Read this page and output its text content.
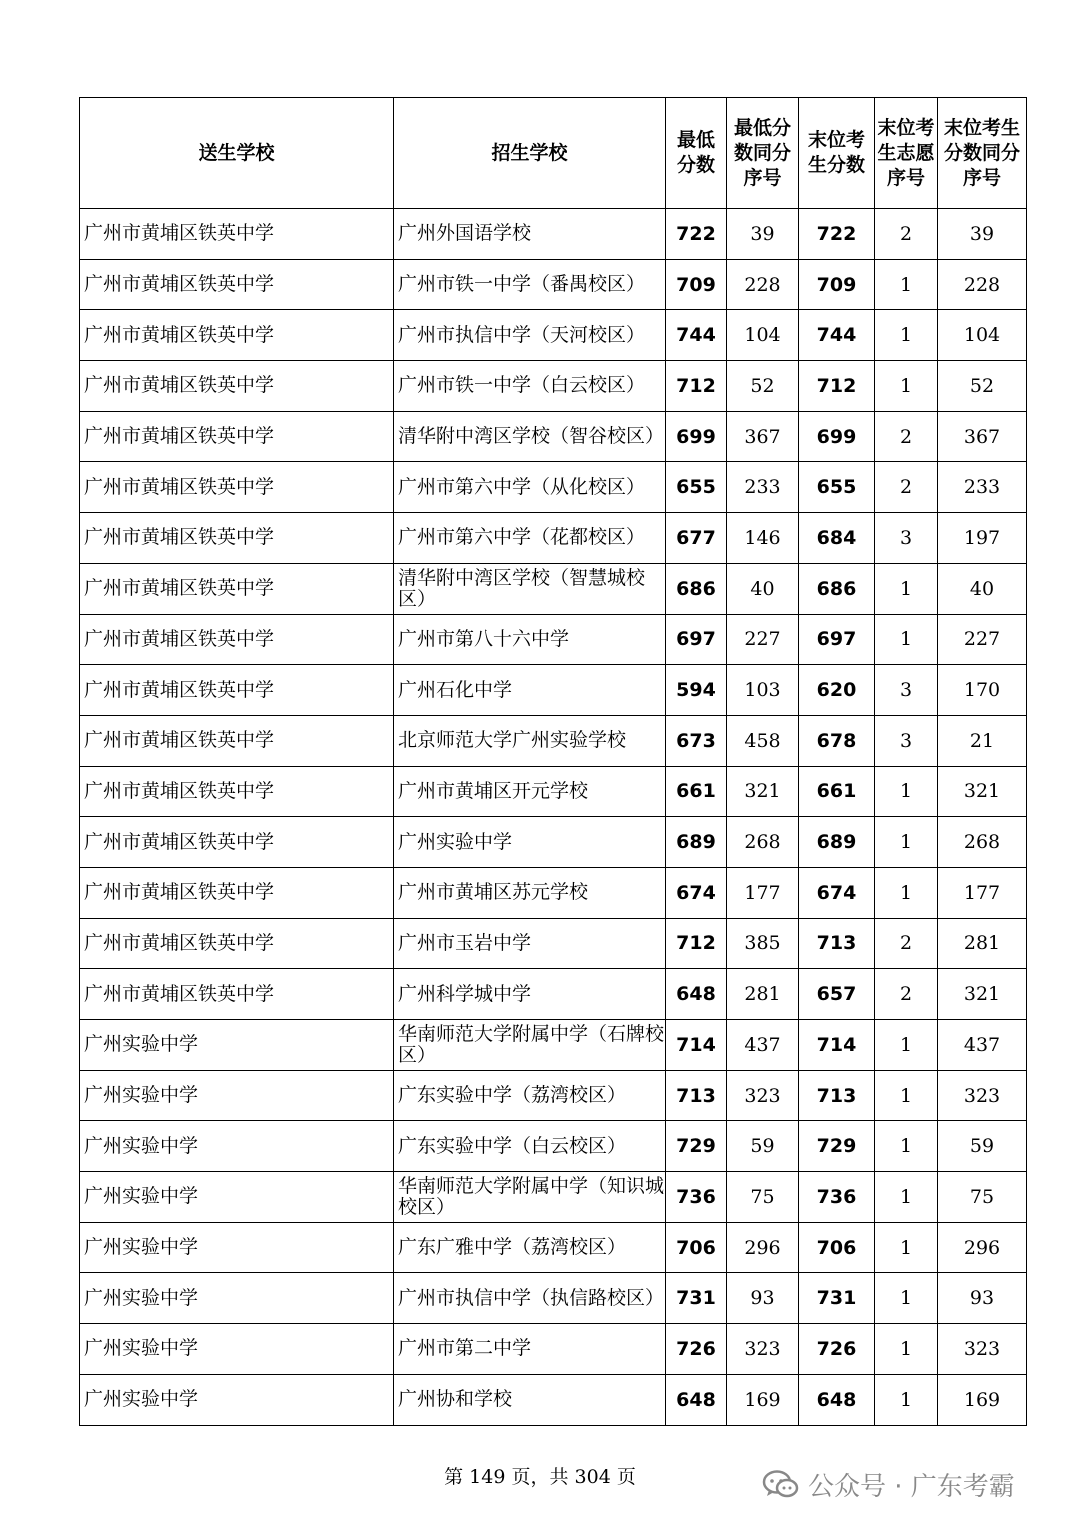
送生学校	招生学校	最低分数	最低分数同分序号	末位考生分数	末位考生志愿序号	末位考生分数同分序号
广州市黄埔区铁英中学	广州外国语学校	722	39	722	2	39
广州市黄埔区铁英中学	广州市铁一中学（番禺校区）	709	228	709	1	228
广州市黄埔区铁英中学	广州市执信中学（天河校区）	744	104	744	1	104
广州市黄埔区铁英中学	广州市铁一中学（白云校区）	712	52	712	1	52
广州市黄埔区铁英中学	清华附中湾区学校（智谷校区）	699	367	699	2	367
广州市黄埔区铁英中学	广州市第六中学（从化校区）	655	233	655	2	233
广州市黄埔区铁英中学	广州市第六中学（花都校区）	677	146	684	3	197
广州市黄埔区铁英中学	清华附中湾区学校（智慧城校区）	686	40	686	1	40
广州市黄埔区铁英中学	广州市第八十六中学	697	227	697	1	227
广州市黄埔区铁英中学	广州石化中学	594	103	620	3	170
广州市黄埔区铁英中学	北京师范大学广州实验学校	673	458	678	3	21
广州市黄埔区铁英中学	广州市黄埔区开元学校	661	321	661	1	321
广州市黄埔区铁英中学	广州实验中学	689	268	689	1	268
广州市黄埔区铁英中学	广州市黄埔区苏元学校	674	177	674	1	177
广州市黄埔区铁英中学	广州市玉岩中学	712	385	713	2	281
广州市黄埔区铁英中学	广州科学城中学	648	281	657	2	321
广州实验中学	华南师范大学附属中学（石牌校区）	714	437	714	1	437
广州实验中学	广东实验中学（荔湾校区）	713	323	713	1	323
广州实验中学	广东实验中学（白云校区）	729	59	729	1	59
广州实验中学	华南师范大学附属中学（知识城校区）	736	75	736	1	75
广州实验中学	广东广雅中学（荔湾校区）	706	296	706	1	296
广州实验中学	广州市执信中学（执信路校区）	731	93	731	1	93
广州实验中学	广州市第二中学	726	323	726	1	323
广州实验中学	广州协和学校	648	169	648	1	169
第 149 页，共 304 页	公众号 · 广东考霸
